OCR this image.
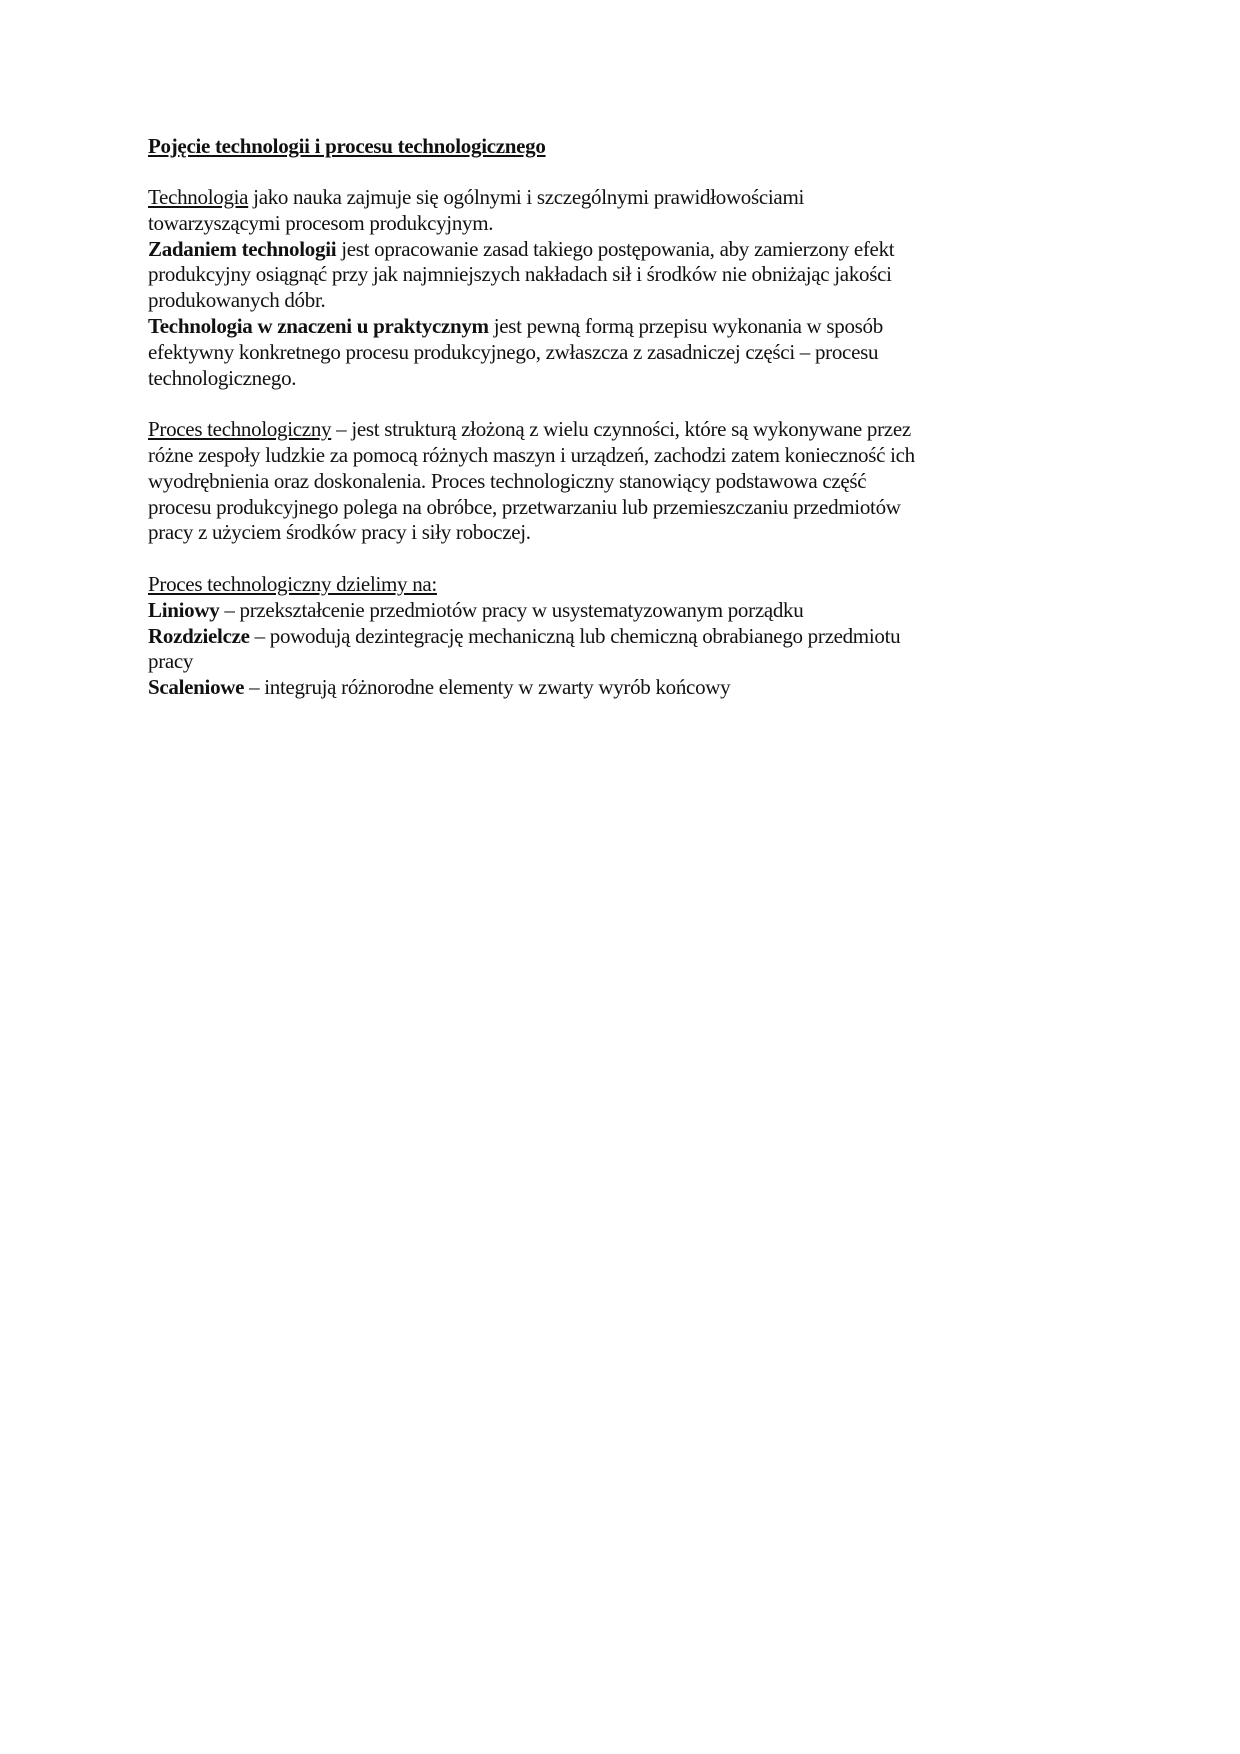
Pojęcie technologii i procesu technologicznego
Technologia jako nauka zajmuje się ogólnymi i szczególnymi prawidłowościami
towarzyszącymi procesom produkcyjnym.
Zadaniem technologii jest opracowanie zasad takiego postępowania, aby zamierzony efekt
produkcyjny osiągnąć przy jak najmniejszych nakładach sił i środków nie obniżając jakości
produkowanych dóbr.
Technologia w znaczeni u praktycznym jest pewną formą przepisu wykonania w sposób
efektywny konkretnego procesu produkcyjnego, zwłaszcza z zasadniczej części – procesu
technologicznego.
Proces technologiczny – jest strukturą złożoną z wielu czynności, które są wykonywane przez
różne zespoły ludzkie za pomocą różnych maszyn i urządzeń, zachodzi zatem konieczność ich
wyodrębnienia oraz doskonalenia. Proces technologiczny stanowiący podstawowa część
procesu produkcyjnego polega na obróbce, przetwarzaniu lub przemieszczaniu przedmiotów
pracy z użyciem środków pracy i siły roboczej.
Proces technologiczny dzielimy na:
Liniowy – przekształcenie przedmiotów pracy w usystematyzowanym porządku
Rozdzielcze – powodują dezintegrację mechaniczną lub chemiczną obrabianego przedmiotu
pracy
Scaleniowe – integrują różnorodne elementy w zwarty wyrób końcowy
